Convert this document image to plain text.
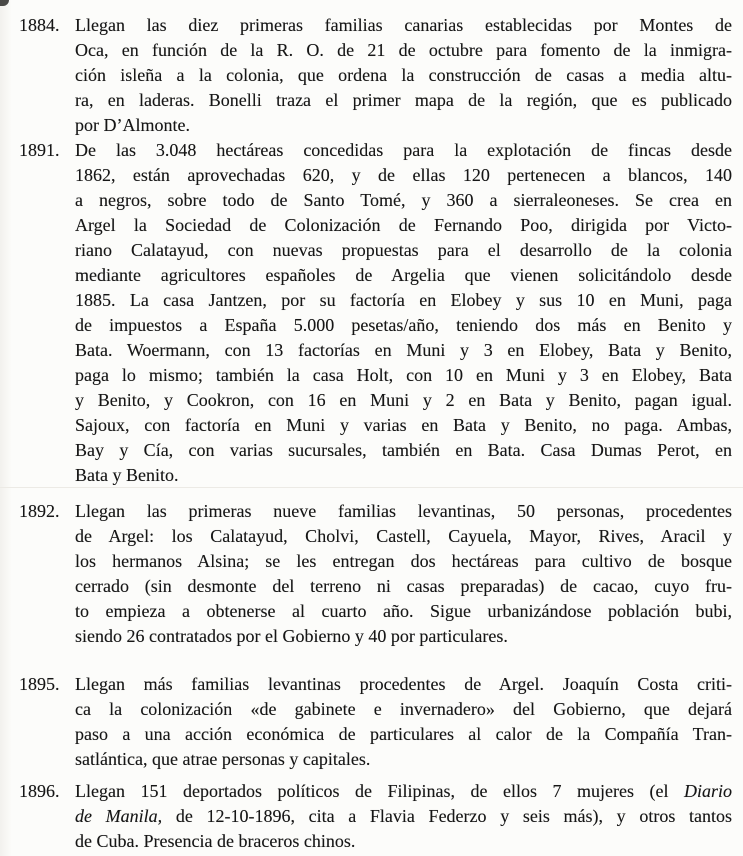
1884. Llegan las diez primeras familias canarias establecidas por Montes de
Oca, en función de la R. O. de 21 de octubre para fomento de la inmigra-
ción isleña a la colonia, que ordena la construcción de casas a media altu-
ra, en laderas. Bonelli traza el primer mapa de la región, que es publicado
por D’Almonte.
1891. De las 3.048 hectáreas concedidas para la explotación de fincas desde
1862, están aprovechadas 620, y de ellas 120 pertenecen a blancos, 140
a negros, sobre todo de Santo Tomé, y 360 a sierraleoneses. Se crea en
Argel la Sociedad de Colonización de Fernando Poo, dirigida por Victo-
riano Calatayud, con nuevas propuestas para el desarrollo de la colonia
mediante agricultores españoles de Argelia que vienen solicitándolo desde
1885. La casa Jantzen, por su factoría en Elobey y sus 10 en Muni, paga
de impuestos a España 5.000 pesetas/año, teniendo dos más en Benito y
Bata. Woermann, con 13 factorías en Muni y 3 en Elobey, Bata y Benito,
paga lo mismo; también la casa Holt, con 10 en Muni y 3 en Elobey, Bata
y Benito, y Cookron, con 16 en Muni y 2 en Bata y Benito, pagan igual.
Sajoux, con factoría en Muni y varias en Bata y Benito, no paga. Ambas,
Bay y Cía, con varias sucursales, también en Bata. Casa Dumas Perot, en
Bata y Benito.
1892. Llegan las primeras nueve familias levantinas, 50 personas, procedentes
de Argel: los Calatayud, Cholvi, Castell, Cayuela, Mayor, Rives, Aracil y
los hermanos Alsina; se les entregan dos hectáreas para cultivo de bosque
cerrado (sin desmonte del terreno ni casas preparadas) de cacao, cuyo fru-
to empieza a obtenerse al cuarto año. Sigue urbanizándose población bubi,
siendo 26 contratados por el Gobierno y 40 por particulares.
1895. Llegan más familias levantinas procedentes de Argel. Joaquín Costa criti-
ca la colonización «de gabinete e invernadero» del Gobierno, que dejará
paso a una acción económica de particulares al calor de la Compañía Tran-
satlántica, que atrae personas y capitales.
1896. Llegan 151 deportados políticos de Filipinas, de ellos 7 mujeres (el Diario
de Manila, de 12-10-1896, cita a Flavia Federzo y seis más), y otros tantos
de Cuba. Presencia de braceros chinos.
